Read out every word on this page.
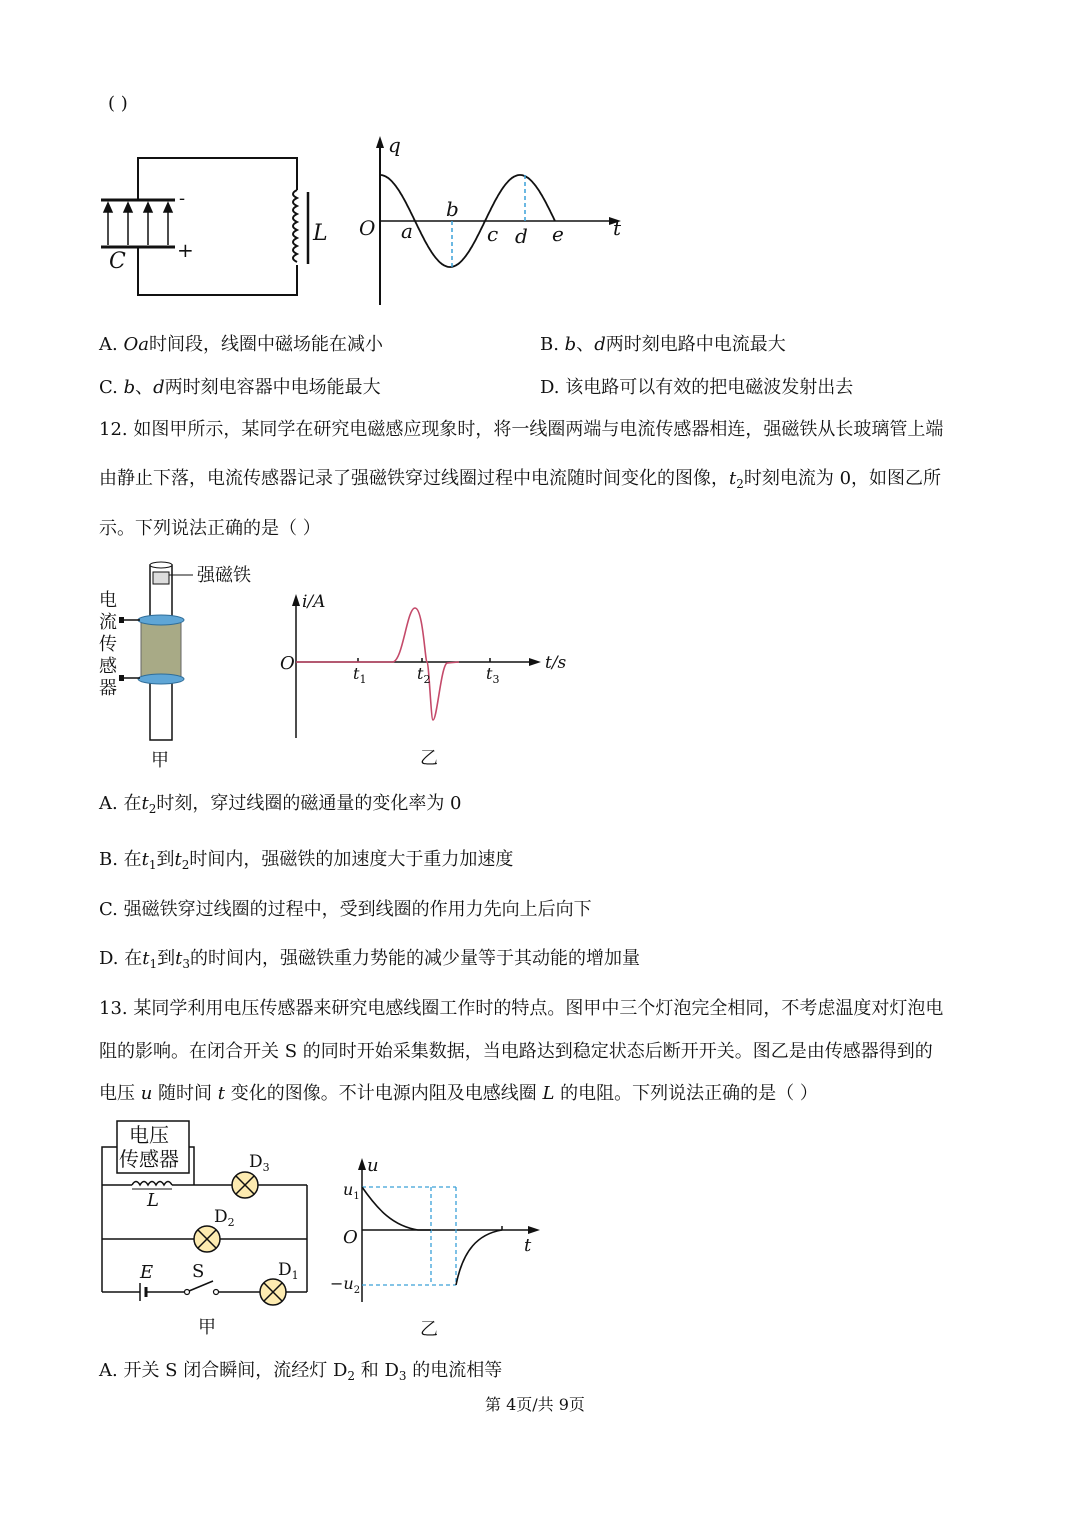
( )
-
+
C
L
q
t
O a
b
c d e
A. Oa时间段，线圈中磁场能在减小	B. b、d两时刻电路中电流最大
C. b、d两时刻电容器中电场能最大	D. 该电路可以有效的把电磁波发射出去
12. 如图甲所示，某同学在研究电磁感应现象时，将一线圈两端与电流传感器相连，强磁铁从长玻璃管上端
由静止下落，电流传感器记录了强磁铁穿过线圈过程中电流随时间变化的图像，$t_2$时刻电流为 0，如图乙所
示。下列说法正确的是（ ）
强磁铁
电
流
传
感
器
甲
i/A
t/s
O	$t_1$	$t_2$	$t_3$
乙
A. 在$t_2$时刻，穿过线圈的磁通量的变化率为 0
B. 在$t_1$到$t_2$时间内，强磁铁的加速度大于重力加速度
C. 强磁铁穿过线圈的过程中，受到线圈的作用力先向上后向下
D. 在$t_1$到$t_3$的时间内，强磁铁重力势能的减少量等于其动能的增加量
13. 某同学利用电压传感器来研究电感线圈工作时的特点。图甲中三个灯泡完全相同，不考虑温度对灯泡电
阻的影响。在闭合开关 S 的同时开始采集数据，当电路达到稳定状态后断开开关。图乙是由传感器得到的
电压 u 随时间 t 变化的图像。不计电源内阻及电感线圈 L 的电阻。下列说法正确的是（ ）
电压
传感器
L
$D_3$
$D_2$
E S	$D_1$
甲
u
t
O
$u_1$
$-u_2$
乙
A. 开关 S 闭合瞬间，流经灯 $D_2$ 和 $D_3$ 的电流相等
第 4页/共 9页
